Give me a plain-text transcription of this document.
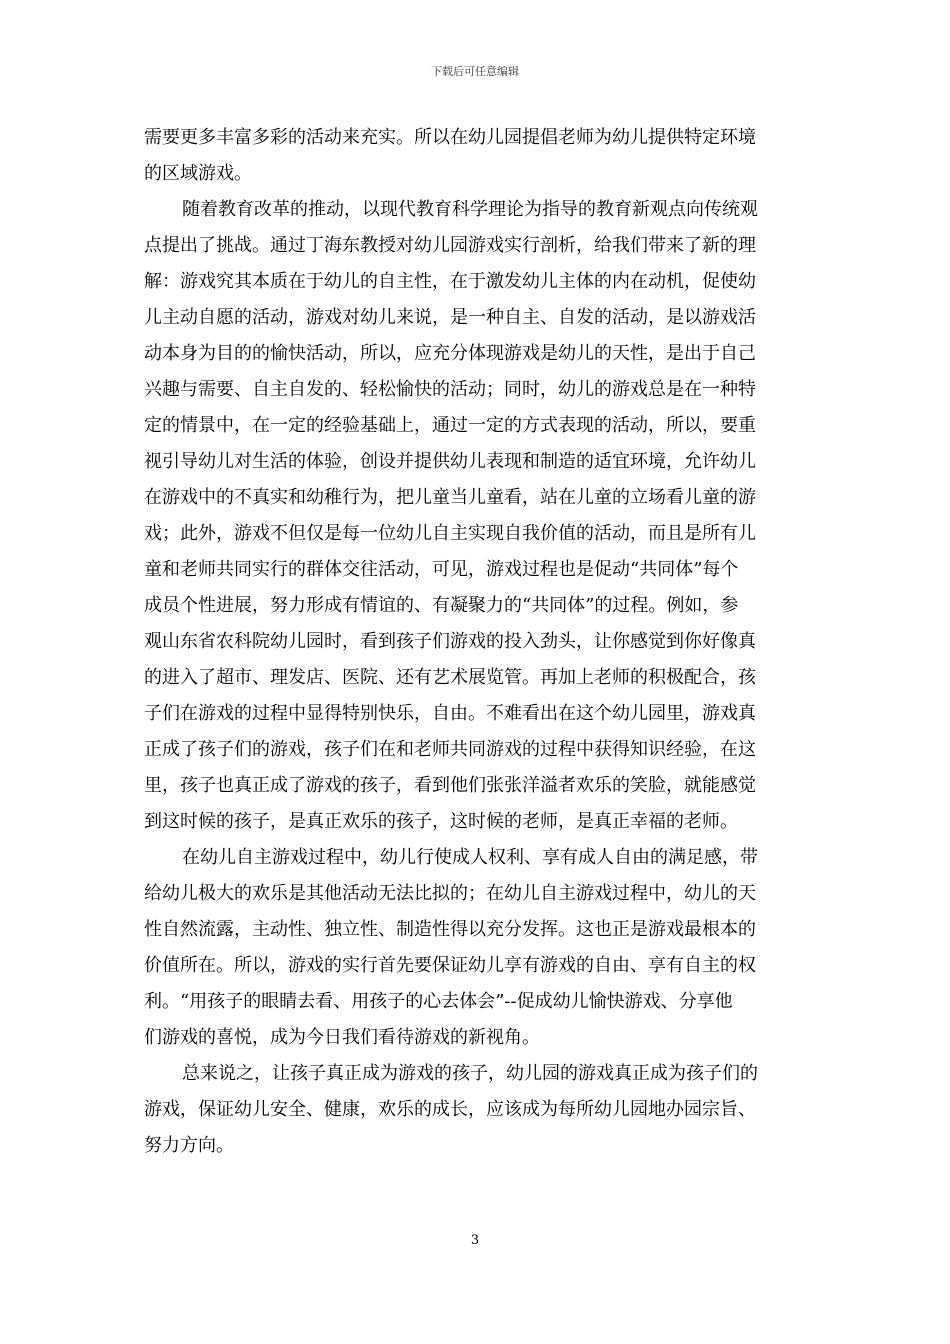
下载后可任意编辑
需要更多丰富多彩的活动来充实。所以在幼儿园提倡老师为幼儿提供特定环境
的区域游戏。
随着教育改革的推动，以现代教育科学理论为指导的教育新观点向传统观
点提出了挑战。通过丁海东教授对幼儿园游戏实行剖析，给我们带来了新的理
解：游戏究其本质在于幼儿的自主性，在于激发幼儿主体的内在动机，促使幼
儿主动自愿的活动，游戏对幼儿来说，是一种自主、自发的活动，是以游戏活
动本身为目的的愉快活动，所以，应充分体现游戏是幼儿的天性，是出于自己
兴趣与需要、自主自发的、轻松愉快的活动；同时，幼儿的游戏总是在一种特
定的情景中，在一定的经验基础上，通过一定的方式表现的活动，所以，要重
视引导幼儿对生活的体验，创设并提供幼儿表现和制造的适宜环境，允许幼儿
在游戏中的不真实和幼稚行为，把儿童当儿童看，站在儿童的立场看儿童的游
戏；此外，游戏不但仅是每一位幼儿自主实现自我价值的活动，而且是所有儿
童和老师共同实行的群体交往活动，可见，游戏过程也是促动“共同体”每个
成员个性进展，努力形成有情谊的、有凝聚力的“共同体”的过程。例如，参
观山东省农科院幼儿园时，看到孩子们游戏的投入劲头，让你感觉到你好像真
的进入了超市、理发店、医院、还有艺术展览管。再加上老师的积极配合，孩
子们在游戏的过程中显得特别快乐，自由。不难看出在这个幼儿园里，游戏真
正成了孩子们的游戏，孩子们在和老师共同游戏的过程中获得知识经验，在这
里，孩子也真正成了游戏的孩子，看到他们张张洋溢者欢乐的笑脸，就能感觉
到这时候的孩子，是真正欢乐的孩子，这时候的老师，是真正幸福的老师。
在幼儿自主游戏过程中，幼儿行使成人权利、享有成人自由的满足感，带
给幼儿极大的欢乐是其他活动无法比拟的；在幼儿自主游戏过程中，幼儿的天
性自然流露，主动性、独立性、制造性得以充分发挥。这也正是游戏最根本的
价值所在。所以，游戏的实行首先要保证幼儿享有游戏的自由、享有自主的权
利。“用孩子的眼睛去看、用孩子的心去体会”--促成幼儿愉快游戏、分享他
们游戏的喜悦，成为今日我们看待游戏的新视角。
总来说之，让孩子真正成为游戏的孩子，幼儿园的游戏真正成为孩子们的
游戏，保证幼儿安全、健康，欢乐的成长，应该成为每所幼儿园地办园宗旨、
努力方向。
3
